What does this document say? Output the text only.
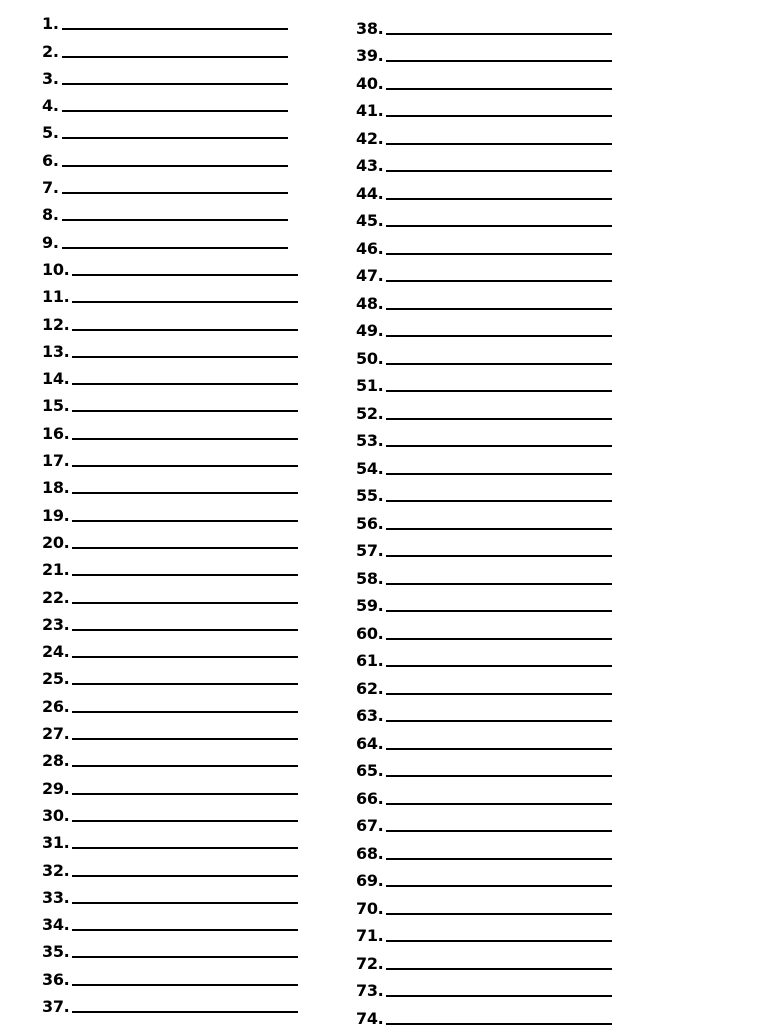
1.
2.
3.
4.
5.
6.
7.
8.
9.
10.
11.
12.
13.
14.
15.
16.
17.
18.
19.
20.
21.
22.
23.
24.
25.
26.
27.
28.
29.
30.
31.
32.
33.
34.
35.
36.
37.
38.
39.
40.
41.
42.
43.
44.
45.
46.
47.
48.
49.
50.
51.
52.
53.
54.
55.
56.
57.
58.
59.
60.
61.
62.
63.
64.
65.
66.
67.
68.
69.
70.
71.
72.
73.
74.
